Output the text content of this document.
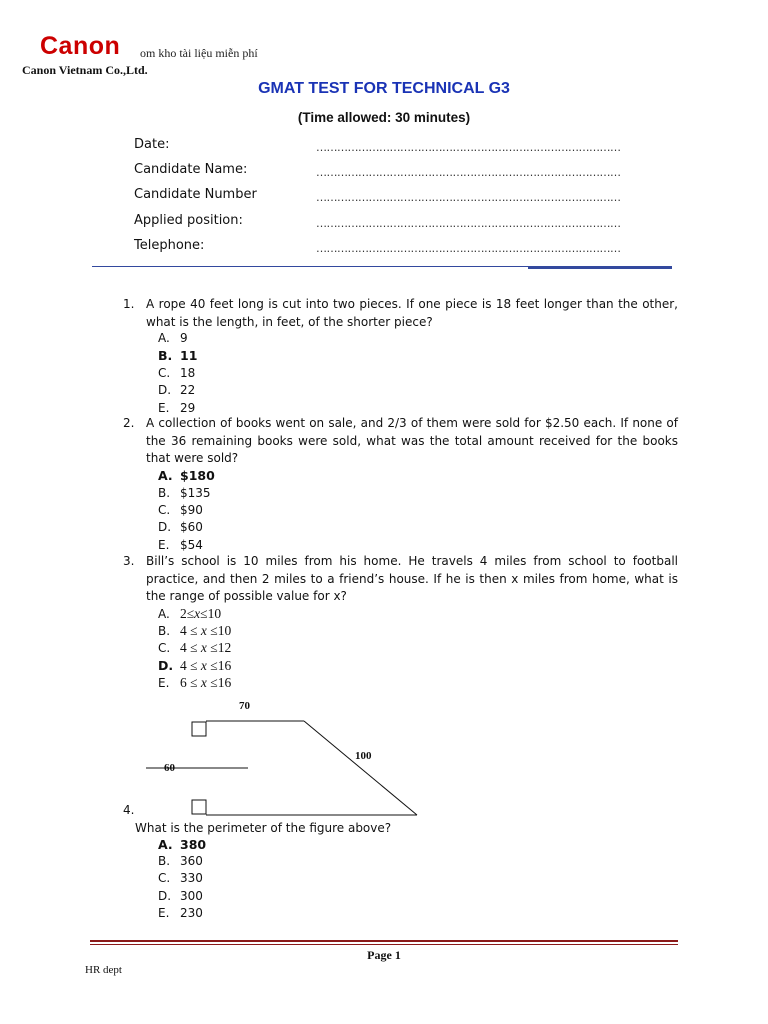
Canon om kho tài liệu miễn phí
Canon Vietnam Co.,Ltd.
GMAT TEST FOR TECHNICAL G3
(Time allowed: 30 minutes)
Date:	……………………………………………………………………………
Candidate Name:	……………………………………………………………………………
Candidate Number	……………………………………………………………………………
Applied position:	……………………………………………………………………………
Telephone:	……………………………………………………………………………
1. A rope 40 feet long is cut into two pieces. If one piece is 18 feet longer than the other, what is the length, in feet, of the shorter piece?
A. 9
B. 11
C. 18
D. 22
E. 29
2. A collection of books went on sale, and 2/3 of them were sold for $2.50 each. If none of the 36 remaining books were sold, what was the total amount received for the books that were sold?
A. $180
B. $135
C. $90
D. $60
E. $54
3. Bill’s school is 10 miles from his home. He travels 4 miles from school to football practice, and then 2 miles to a friend’s house. If he is then x miles from home, what is the range of possible value for x?
A. 2≤x≤10
B. 4 ≤ x ≤10
C. 4 ≤ x ≤12
D. 4 ≤ x ≤16
E. 6 ≤ x ≤16
70
100
60
4.
What is the perimeter of the figure above?
A. 380
B. 360
C. 330
D. 300
E. 230
Page 1
HR dept
